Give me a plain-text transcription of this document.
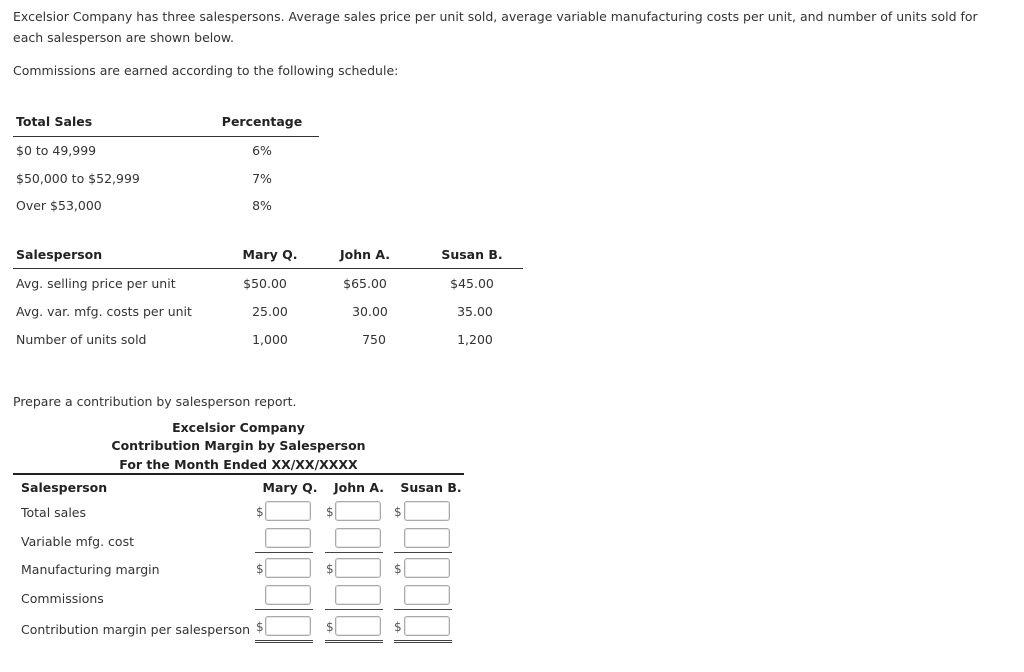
Excelsior Company has three salespersons. Average sales price per unit sold, average variable manufacturing costs per unit, and number of units sold for each salesperson are shown below.
Commissions are earned according to the following schedule:
Total Sales	Percentage
$0 to 49,999	6%
$50,000 to $52,999	7%
Over $53,000	8%
Salesperson	Mary Q.	John A.	Susan B.
Avg. selling price per unit	$50.00	$65.00	$45.00
Avg. var. mfg. costs per unit	25.00	30.00	35.00
Number of units sold	1,000	750	1,200
Prepare a contribution by salesperson report.
Excelsior Company
Contribution Margin by Salesperson
For the Month Ended XX/XX/XXXX
Salesperson	Mary Q.	John A.	Susan B.
Total sales	$	$	$
Variable mfg. cost
Manufacturing margin	$	$	$
Commissions
Contribution margin per salesperson $	$	$
